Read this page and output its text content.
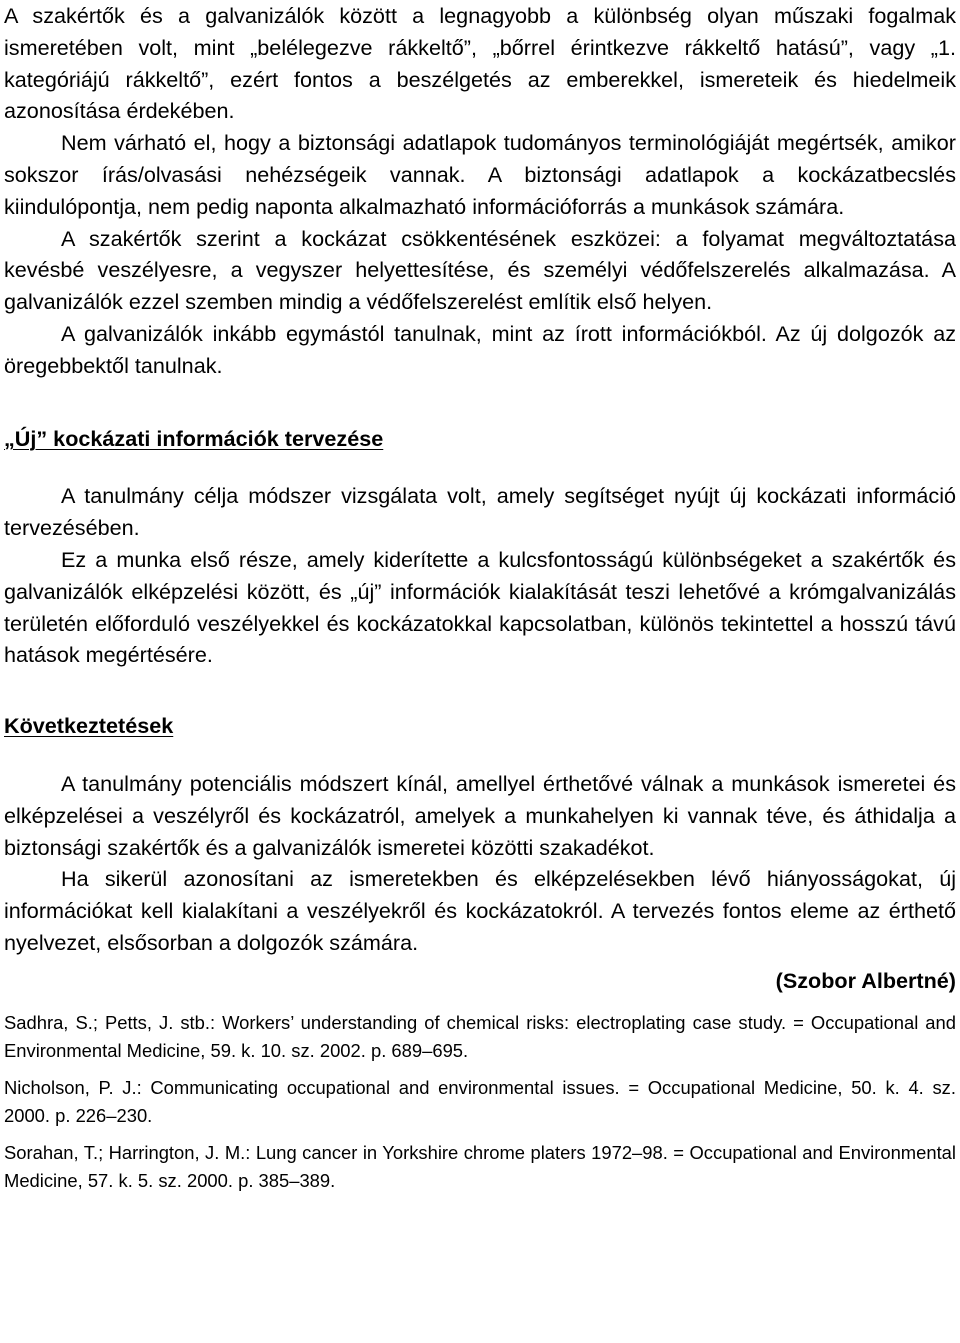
A szakértők és a galvanizálók között a legnagyobb a különbség olyan műszaki fogalmak ismeretében volt, mint „belélegezve rákkeltő”, „bőrrel érintkezve rákkeltő hatású”, vagy „1. kategóriájú rákkeltő”, ezért fontos a beszélgetés az emberekkel, ismereteik és hiedelmeik azonosítása érdekében.

Nem várható el, hogy a biztonsági adatlapok tudományos terminológiáját megértsék, amikor sokszor írás/olvasási nehézségeik vannak. A biztonsági adatlapok a kockázatbecslés kiindulópontja, nem pedig naponta alkalmazható információforrás a munkások számára.

A szakértők szerint a kockázat csökkentésének eszközei: a folyamat megváltoztatása kevésbé veszélyesre, a vegyszer helyettesítése, és személyi védőfelszerelés alkalmazása. A galvanizálók ezzel szemben mindig a védőfelszerelést említik első helyen.

A galvanizálók inkább egymástól tanulnak, mint az írott információkból. Az új dolgozók az öregebbektől tanulnak.

„Új” kockázati információk tervezése

A tanulmány célja módszer vizsgálata volt, amely segítséget nyújt új kockázati információ tervezésében.

Ez a munka első része, amely kiderítette a kulcsfontosságú különbségeket a szakértők és galvanizálók elképzelési között, és „új” információk kialakítását teszi lehetővé a krómgalvanizálás területén előforduló veszélyekkel és kockázatokkal kapcsolatban, különös tekintettel a hosszú távú hatások megértésére.

Következtetések

A tanulmány potenciális módszert kínál, amellyel érthetővé válnak a munkások ismeretei és elképzelései a veszélyről és kockázatról, amelyek a munkahelyen ki vannak téve, és áthidalja a biztonsági szakértők és a galvanizálók ismeretei közötti szakadékot.

Ha sikerül azonosítani az ismeretekben és elképzelésekben lévő hiányosságokat, új információkat kell kialakítani a veszélyekről és kockázatokról. A tervezés fontos eleme az érthető nyelvezet, elsősorban a dolgozók számára.

(Szobor Albertné)

Sadhra, S.; Petts, J. stb.: Workers’ understanding of chemical risks: electroplating case study. = Occupational and Environmental Medicine, 59. k. 10. sz. 2002. p. 689–695.

Nicholson, P. J.: Communicating occupational and environmental issues. = Occupational Medicine, 50. k. 4. sz. 2000. p. 226–230.

Sorahan, T.; Harrington, J. M.: Lung cancer in Yorkshire chrome platers 1972–98. = Occupational and Environmental Medicine, 57. k. 5. sz. 2000. p. 385–389.
